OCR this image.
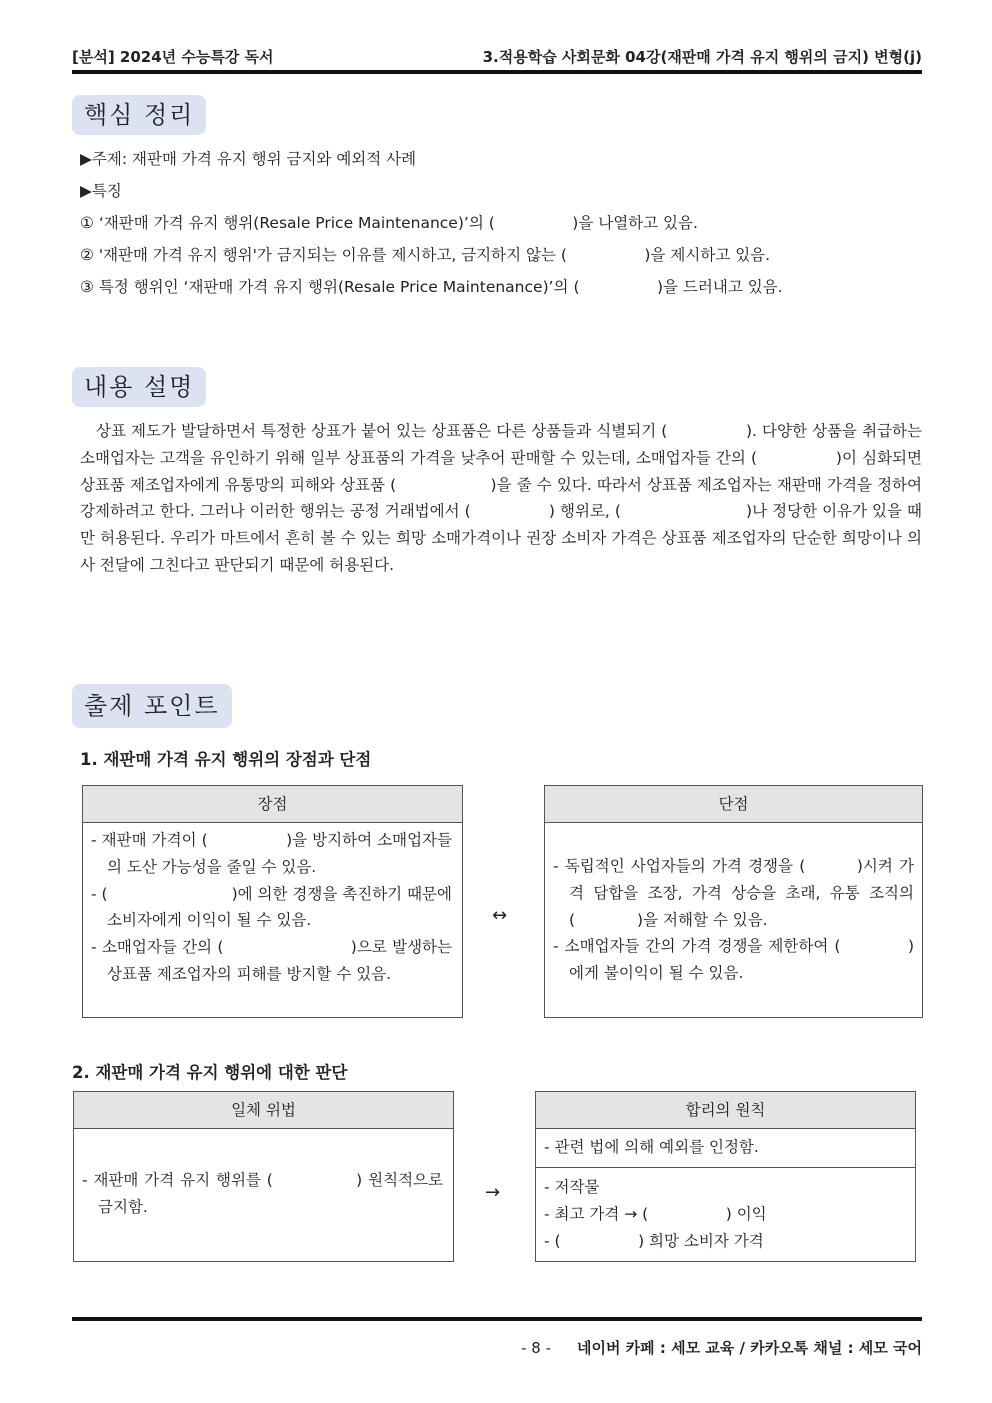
[분석] 2024년 수능특강 독서	3.적용학습 사회문화 04강(재판매 가격 유지 행위의 금지) 변형(j)
핵심 정리
▶주제: 재판매 가격 유지 행위 금지와 예외적 사례
▶특징
① ‘재판매 가격 유지 행위(Resale Price Maintenance)’의 (　　　　　)을 나열하고 있음.
② '재판매 가격 유지 행위'가 금지되는 이유를 제시하고, 금지하지 않는 (　　　　　)을 제시하고 있음.
③ 특정 행위인 ‘재판매 가격 유지 행위(Resale Price Maintenance)’의 (　　　　　)을 드러내고 있음.
내용 설명
상표 제도가 발달하면서 특정한 상표가 붙어 있는 상표품은 다른 상품들과 식별되기 (　　　　　). 다양한 상품을 취급하는 소매업자는 고객을 유인하기 위해 일부 상표품의 가격을 낮추어 판매할 수 있는데, 소매업자들 간의 (　　　　　)이 심화되면 상표품 제조업자에게 유통망의 피해와 상표품 (　　　　　　)을 줄 수 있다. 따라서 상표품 제조업자는 재판매 가격을 정하여 강제하려고 한다. 그러나 이러한 행위는 공정 거래법에서 (　　　　　) 행위로, (　　　　　　　　)나 정당한 이유가 있을 때만 허용된다. 우리가 마트에서 흔히 볼 수 있는 희망 소매가격이나 권장 소비자 가격은 상표품 제조업자의 단순한 희망이나 의사 전달에 그친다고 판단되기 때문에 허용된다.
출제 포인트
1. 재판매 가격 유지 행위의 장점과 단점
장점
- 재판매 가격이 (　　　　　)을 방지하여 소매업자들의 도산 가능성을 줄일 수 있음.
- (　　　　　　　　)에 의한 경쟁을 촉진하기 때문에 소비자에게 이익이 될 수 있음.
- 소매업자들 간의 (　　　　　　　　)으로 발생하는 상표품 제조업자의 피해를 방지할 수 있음.
↔
단점
- 독립적인 사업자들의 가격 경쟁을 (　　　)시켜 가격 담합을 조장, 가격 상승을 초래, 유통 조직의 (　　　　)을 저해할 수 있음.
- 소매업자들 간의 가격 경쟁을 제한하여 (　　　　)에게 불이익이 될 수 있음.
2. 재판매 가격 유지 행위에 대한 판단
일체 위법
- 재판매 가격 유지 행위를 (　　　　　) 원칙적으로 금지함.
→
합리의 원칙
- 관련 법에 의해 예외를 인정함.
- 저작물
- 최고 가격 → (　　　　　) 이익
- (　　　　　) 희망 소비자 가격
- 8 - 네이버 카페 : 세모 교육 / 카카오톡 채널 : 세모 국어
